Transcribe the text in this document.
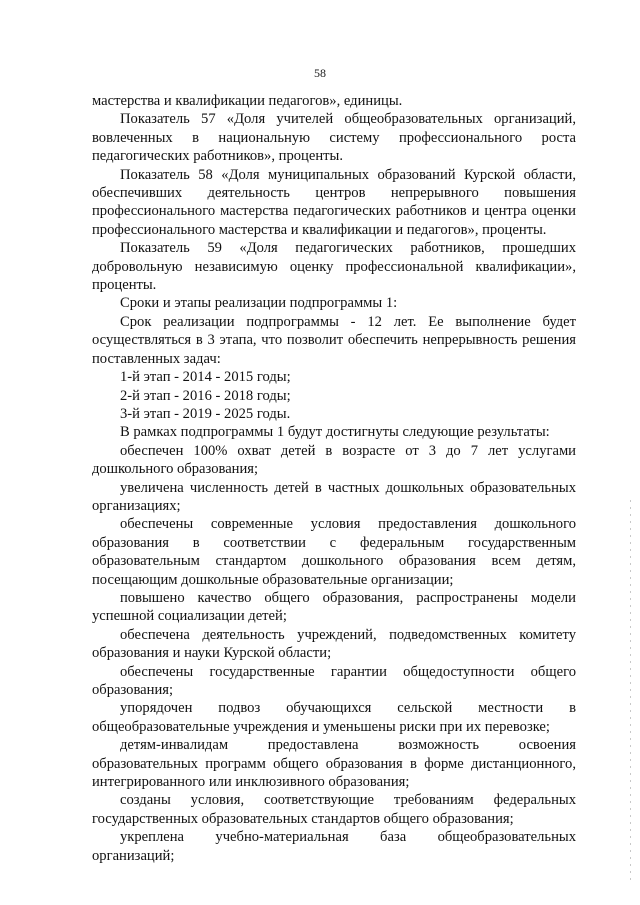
58

мастерства и квалификации педагогов», единицы.

Показатель 57 «Доля учителей общеобразовательных организаций, вовлеченных в национальную систему профессионального роста педагогических работников», проценты.

Показатель 58 «Доля муниципальных образований Курской области, обеспечивших деятельность центров непрерывного повышения профессионального мастерства педагогических работников и центра оценки профессионального мастерства и квалификации и педагогов», проценты.

Показатель 59 «Доля педагогических работников, прошедших добровольную независимую оценку профессиональной квалификации», проценты.

Сроки и этапы реализации подпрограммы 1:

Срок реализации подпрограммы - 12 лет. Ее выполнение будет осуществляться в 3 этапа, что позволит обеспечить непрерывность решения поставленных задач:

1-й этап - 2014 - 2015 годы;

2-й этап - 2016 - 2018 годы;

3-й этап - 2019 - 2025 годы.

В рамках подпрограммы 1 будут достигнуты следующие результаты:

обеспечен 100% охват детей в возрасте от 3 до 7 лет услугами дошкольного образования;

увеличена численность детей в частных дошкольных образовательных организациях;

обеспечены современные условия предоставления дошкольного образования в соответствии с федеральным государственным образовательным стандартом дошкольного образования всем детям, посещающим дошкольные образовательные организации;

повышено качество общего образования, распространены модели успешной социализации детей;

обеспечена деятельность учреждений, подведомственных комитету образования и науки Курской области;

обеспечены государственные гарантии общедоступности общего образования;

упорядочен подвоз обучающихся сельской местности в общеобразовательные учреждения и уменьшены риски при их перевозке;

детям-инвалидам предоставлена возможность освоения образовательных программ общего образования в форме дистанционного, интегрированного или инклюзивного образования;

созданы условия, соответствующие требованиям федеральных государственных образовательных стандартов общего образования;

укреплена учебно-материальная база общеобразовательных организаций;
